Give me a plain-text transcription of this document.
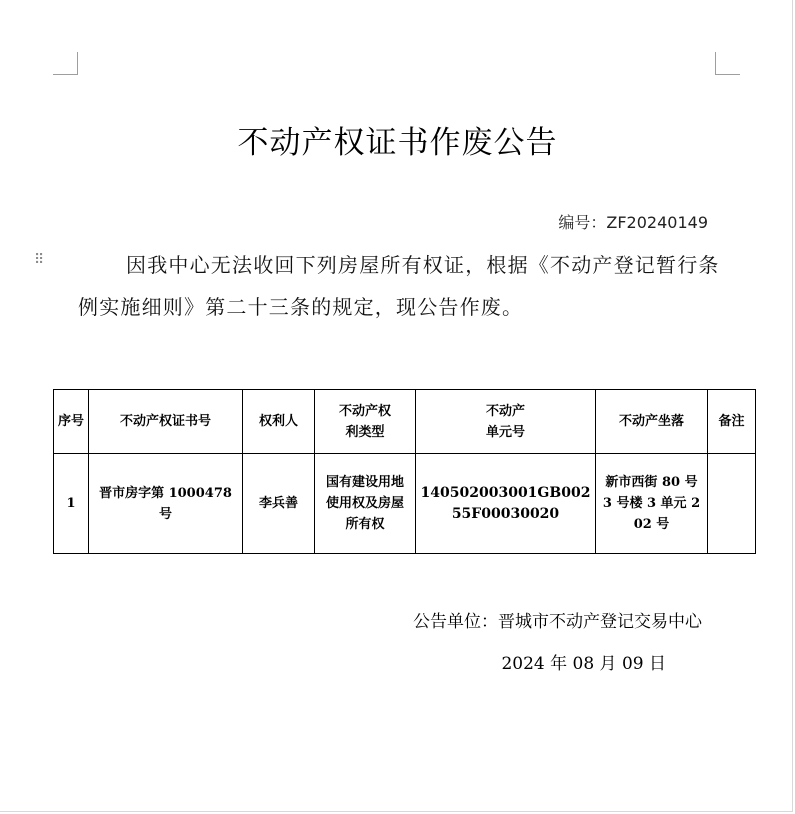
不动产权证书作废公告
编号：ZF20240149
⠿	因我中心无法收回下列房屋所有权证，根据《不动产登记暂行条例实施细则》第二十三条的规定，现公告作废。
序号	不动产权证书号	权利人	不动产权利类型	不动产单元号	不动产坐落	备注
1	晋市房字第 1000478 号	李兵善	国有建设用地使用权及房屋所有权	140502003001GB00255F00030020	新市西街 80 号 3 号楼 3 单元 202 号	

公告单位：晋城市不动产登记交易中心
2024 年 08 月 09 日
